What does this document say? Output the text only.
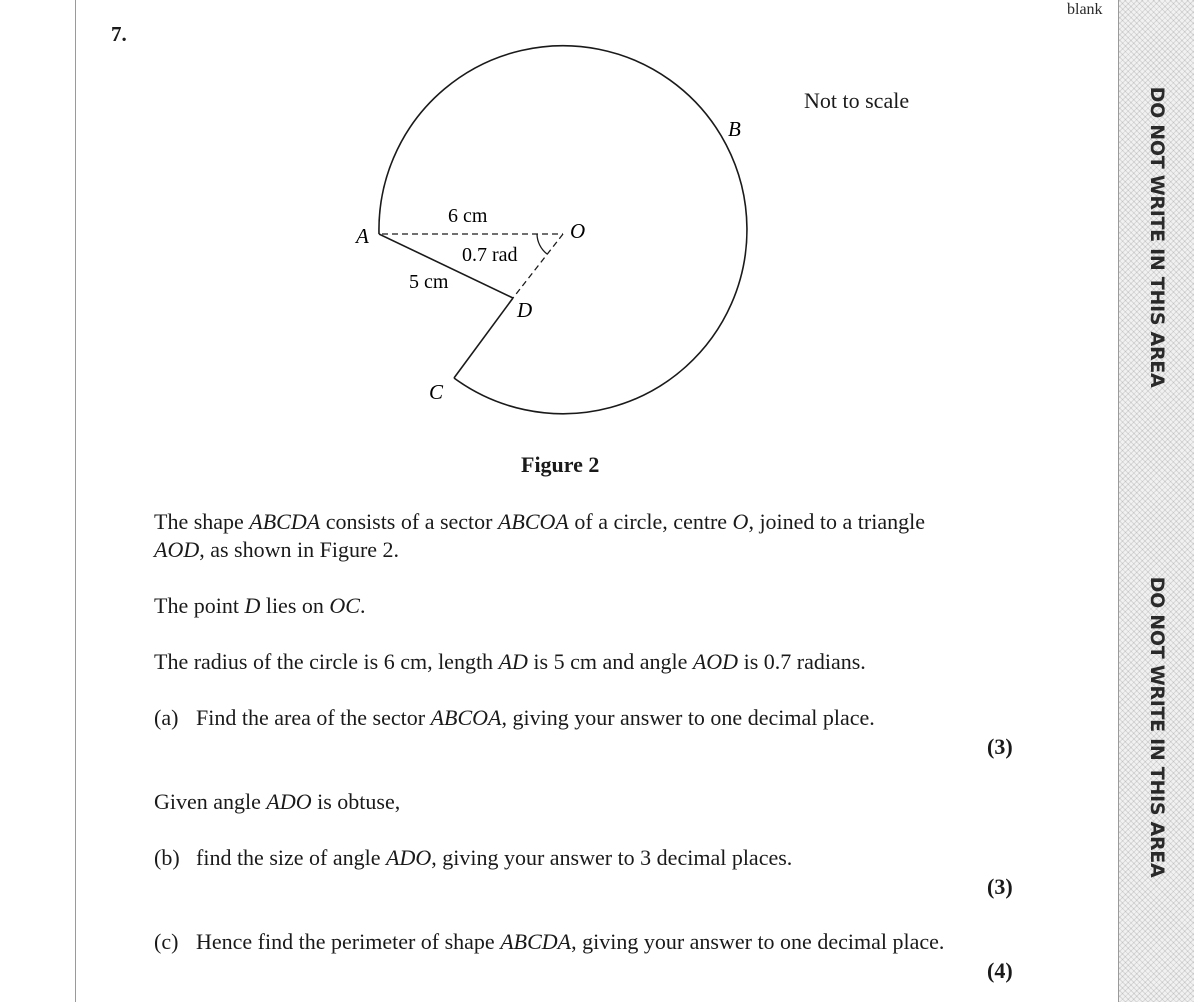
DO NOT WRITE IN THIS AREA
DO NOT WRITE IN THIS AREA
blank
7.
A
B
C
D
O
6 cm
0.7 rad
5 cm
Not to scale
Figure 2

The shape ABCDA consists of a sector ABCOA of a circle, centre O, joined to a triangle
AOD, as shown in Figure 2.

The point D lies on OC.

The radius of the circle is 6 cm, length AD is 5 cm and angle AOD is 0.7 radians.

(a) Find the area of the sector ABCOA, giving your answer to one decimal place.

(3)

Given angle ADO is obtuse,

(b) find the size of angle ADO, giving your answer to 3 decimal places.

(3)

(c) Hence find the perimeter of shape ABCDA, giving your answer to one decimal place.

(4)
